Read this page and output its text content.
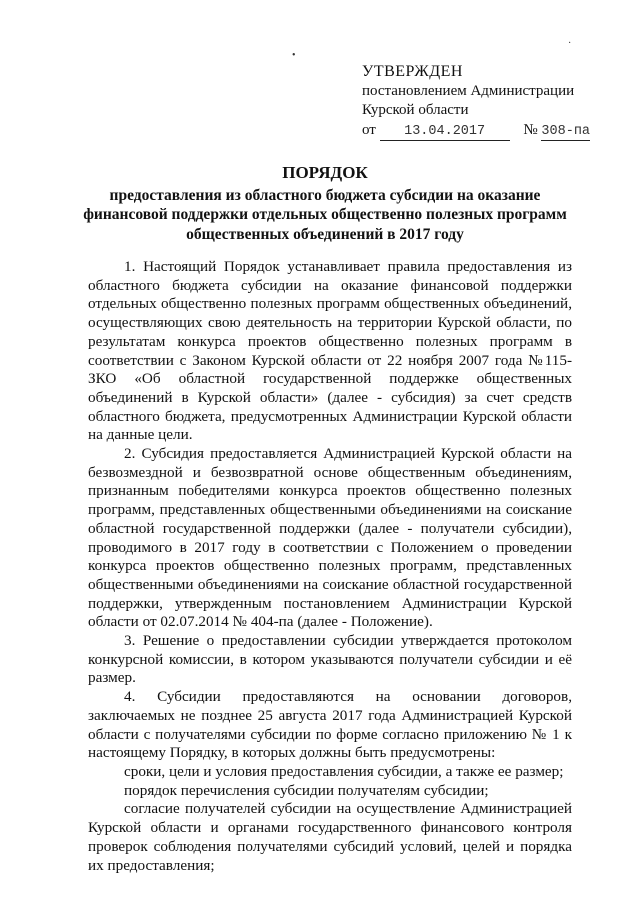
•
·
УТВЕРЖДЕН
постановлением Администрации
Курской области
от 13.04.2017	№ 308-па
ПОРЯДОК
предоставления из областного бюджета субсидии на оказание
финансовой поддержки отдельных общественно полезных программ
общественных объединений в 2017 году

1. Настоящий Порядок устанавливает правила предоставления из областного бюджета субсидии на оказание финансовой поддержки отдельных общественно полезных программ общественных объединений, осуществляющих свою деятельность на территории Курской области, по результатам конкурса проектов общественно полезных программ в соответствии с Законом Курской области от 22 ноября 2007 года №115-ЗКО «Об областной государственной поддержке общественных объединений в Курской области» (далее - субсидия) за счет средств областного бюджета, предусмотренных Администрации Курской области на данные цели.

2. Субсидия предоставляется Администрацией Курской области на безвозмездной и безвозвратной основе общественным объединениям, признанным победителями конкурса проектов общественно полезных программ, представленных общественными объединениями на соискание областной государственной поддержки (далее - получатели субсидии), проводимого в 2017 году в соответствии с Положением о проведении конкурса проектов общественно полезных программ, представленных общественными объединениями на соискание областной государственной поддержки, утвержденным постановлением Администрации Курской области от 02.07.2014 № 404-па (далее - Положение).

3. Решение о предоставлении субсидии утверждается протоколом конкурсной комиссии, в котором указываются получатели субсидии и её размер.

4. Субсидии предоставляются на основании договоров, заключаемых не позднее 25 августа 2017 года Администрацией Курской области с получателями субсидии по форме согласно приложению № 1 к настоящему Порядку, в которых должны быть предусмотрены:

сроки, цели и условия предоставления субсидии, а также ее размер;

порядок перечисления субсидии получателям субсидии;

согласие получателей субсидии на осуществление Администрацией Курской области и органами государственного финансового контроля проверок соблюдения получателями субсидий условий, целей и порядка их предоставления;
